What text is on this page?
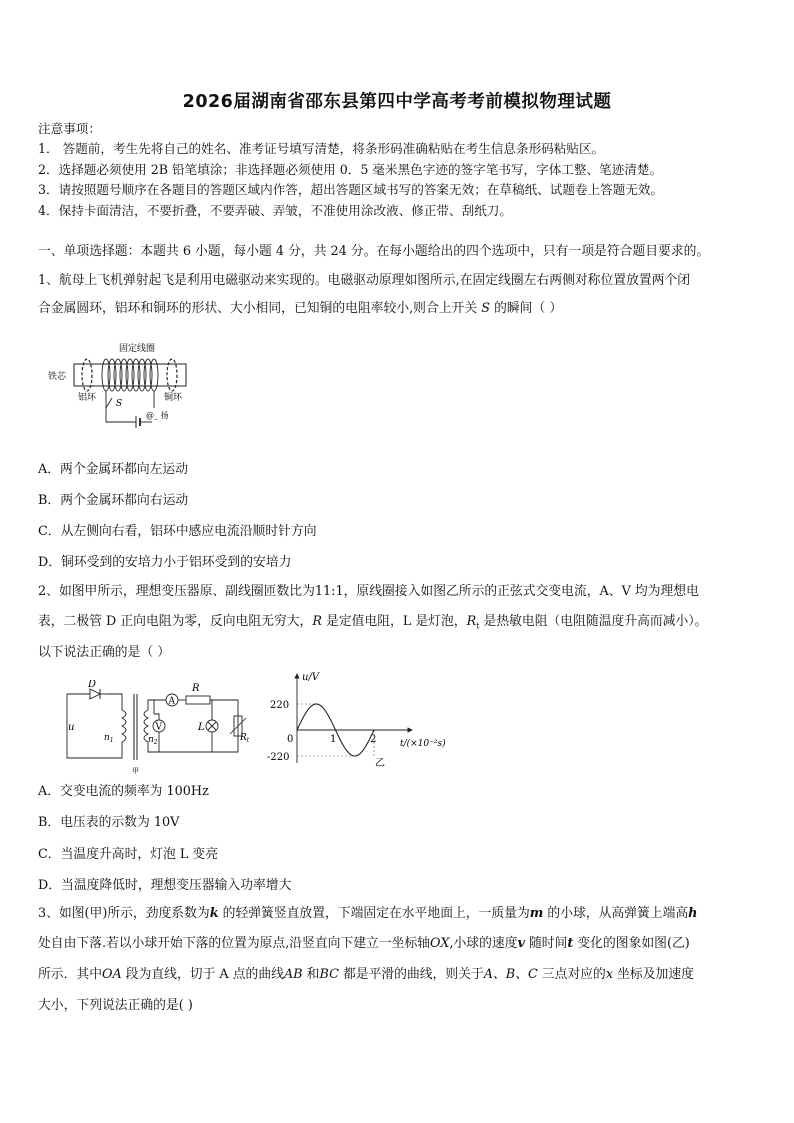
2026届湖南省邵东县第四中学高考考前模拟物理试题
注意事项：
1． 答题前，考生先将自己的姓名、准考证号填写清楚，将条形码准确粘贴在考生信息条形码粘贴区。
2．选择题必须使用 2B 铅笔填涂；非选择题必须使用 0．5 毫米黑色字迹的签字笔书写，字体工整、笔迹清楚。
3．请按照题号顺序在各题目的答题区域内作答，超出答题区域书写的答案无效；在草稿纸、试题卷上答题无效。
4．保持卡面清洁，不要折叠，不要弄破、弄皱，不准使用涂改液、修正带、刮纸刀。
一、单项选择题：本题共 6 小题，每小题 4 分，共 24 分。在每小题给出的四个选项中，只有一项是符合题目要求的。
1、航母上飞机弹射起飞是利用电磁驱动来实现的。电磁驱动原理如图所示,在固定线圈左右两侧对称位置放置两个闭
合金属圆环，铝环和铜环的形状、大小相同，已知铜的电阻率较小,则合上开关 S 的瞬间（ ）
铁芯
固定线圈
铝环	铜环
S
@_ 扬
A．两个金属环都向左运动
B．两个金属环都向右运动
C．从左侧向右看，铝环中感应电流沿顺时针方向
D．铜环受到的安培力小于铝环受到的安培力
2、如图甲所示，理想变压器原、副线圈匝数比为11:1，原线圈接入如图乙所示的正弦式交变电流，A、V 均为理想电
表，二极管 D 正向电阻为零，反向电阻无穷大，R 是定值电阻，L 是灯泡，$R_t$ 是热敏电阻（电阻随温度升高而减小）。
以下说法正确的是（ ）
D
u
$n_1$
甲
$n_2$
A
R
V	L
$R_t$
u/V
220
-220
0	1	2	t/(×10⁻²s)
乙
A．交变电流的频率为 100Hz
B．电压表的示数为 10V
C．当温度升高时，灯泡 L 变亮
D．当温度降低时，理想变压器输入功率增大
3、如图(甲)所示，劲度系数为k 的轻弹簧竖直放置，下端固定在水平地面上，一质量为m 的小球，从高弹簧上端高h
处自由下落.若以小球开始下落的位置为原点,沿竖直向下建立一坐标轴OX,小球的速度v 随时间t 变化的图象如图(乙)
所示．其中OA 段为直线，切于 A 点的曲线AB 和BC 都是平滑的曲线，则关于A、B、C 三点对应的x 坐标及加速度
大小，下列说法正确的是( )
